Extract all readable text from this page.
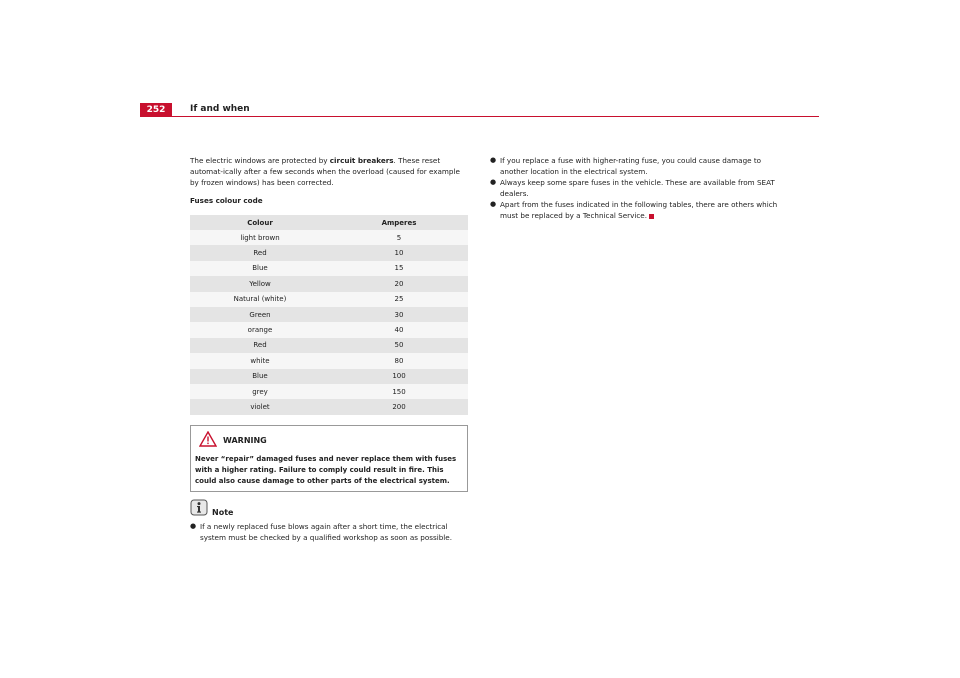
252	If and when

The electric windows are protected by circuit breakers. These reset automat-ically after a few seconds when the overload (caused for example by frozen windows) has been corrected.

Fuses colour code

Colour	Amperes
light brown	5
Red	10
Blue	15
Yellow	20
Natural (white)	25
Green	30
orange	40
Red	50
white	80
Blue	100
grey	150
violet	200
WARNING
Never “repair” damaged fuses and never replace them with fuses with a higher rating. Failure to comply could result in fire. This could also cause damage to other parts of the electrical system.
Note
● If a newly replaced fuse blows again after a short time, the electrical system must be checked by a qualified workshop as soon as possible.
● If you replace a fuse with higher-rating fuse, you could cause damage to another location in the electrical system.
● Always keep some spare fuses in the vehicle. These are available from SEAT dealers.
● Apart from the fuses indicated in the following tables, there are others which must be replaced by a Technical Service.
